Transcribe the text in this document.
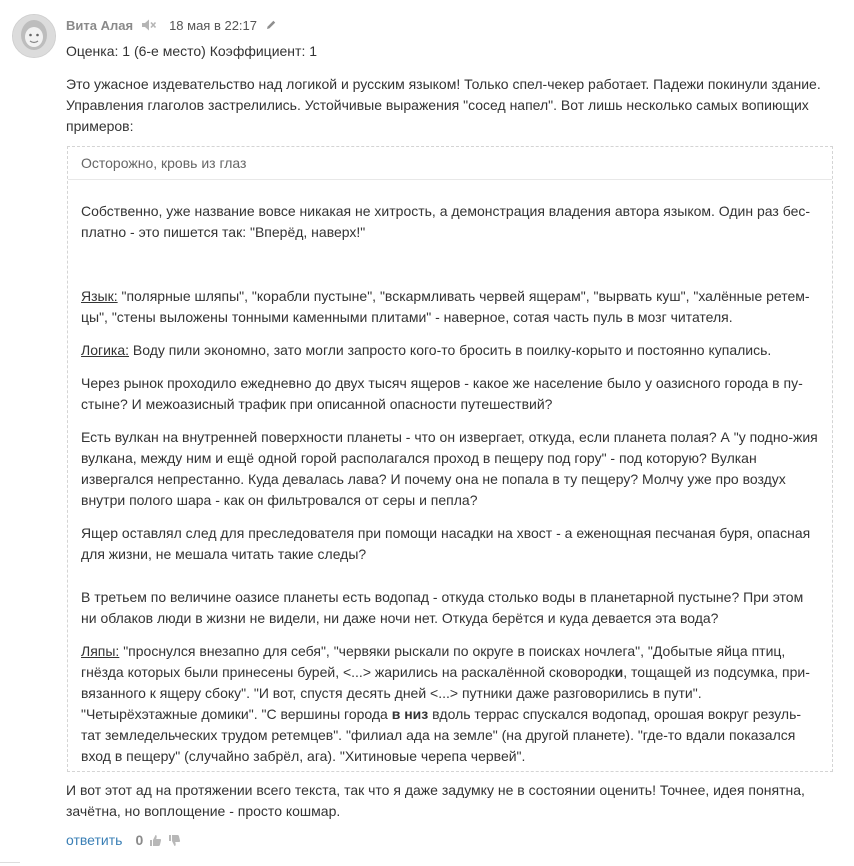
Вита Алая	18 мая в 22:17
Оценка: 1 (6-е место) Коэффициент: 1

Это ужасное издевательство над логикой и русским языком! Только спел-чекер работает. Падежи покинули здание. Управления глаголов застрелились. Устойчивые выражения "сосед напел". Вот лишь несколько самых вопиющих примеров:

Осторожно, кровь из глаз

Собственно, уже название вовсе никакая не хитрость, а демонстрация владения автора языком. Один раз бес-платно - это пишется так: "Вперёд, наверх!"

Язык: "полярные шляпы", "корабли пустыне", "вскармливать червей ящерам", "вырвать куш", "халённые ретем-цы", "стены выложены тонными каменными плитами" - наверное, сотая часть пуль в мозг читателя.

Логика: Воду пили экономно, зато могли запросто кого-то бросить в поилку-корыто и постоянно купались.

Через рынок проходило ежедневно до двух тысяч ящеров - какое же население было у оазисного города в пу-стыне? И межоазисный трафик при описанной опасности путешествий?

Есть вулкан на внутренней поверхности планеты - что он извергает, откуда, если планета полая? А "у подно-жия вулкана, между ним и ещё одной горой располагался проход в пещеру под гору" - под которую? Вулкан извергался непрестанно. Куда девалась лава? И почему она не попала в ту пещеру? Молчу уже про воздух внутри полого шара - как он фильтровался от серы и пепла?

Ящер оставлял след для преследователя при помощи насадки на хвост - а еженощная песчаная буря, опасная для жизни, не мешала читать такие следы?

В третьем по величине оазисе планеты есть водопад - откуда столько воды в планетарной пустыне? При этом ни облаков люди в жизни не видели, ни даже ночи нет. Откуда берётся и куда девается эта вода?

Ляпы: "проснулся внезапно для себя", "червяки рыскали по округе в поисках ночлега", "Добытые яйца птиц, гнёзда которых были принесены бурей, <...> жарились на раскалённой сковородки, тощащей из подсумка, при-вязанного к ящеру сбоку". "И вот, спустя десять дней <...> путники даже разговорились в пути". "Четырёхэтажные домики". "С вершины города в низ вдоль террас спускался водопад, орошая вокруг резуль-тат земледельческих трудом ретемцев". "филиал ада на земле" (на другой планете). "где-то вдали показался вход в пещеру" (случайно забрёл, ага). "Хитиновые черепа червей".

И вот этот ад на протяжении всего текста, так что я даже задумку не в состоянии оценить! Точнее, идея понятна, зачётна, но воплощение - просто кошмар.

ответить 0
